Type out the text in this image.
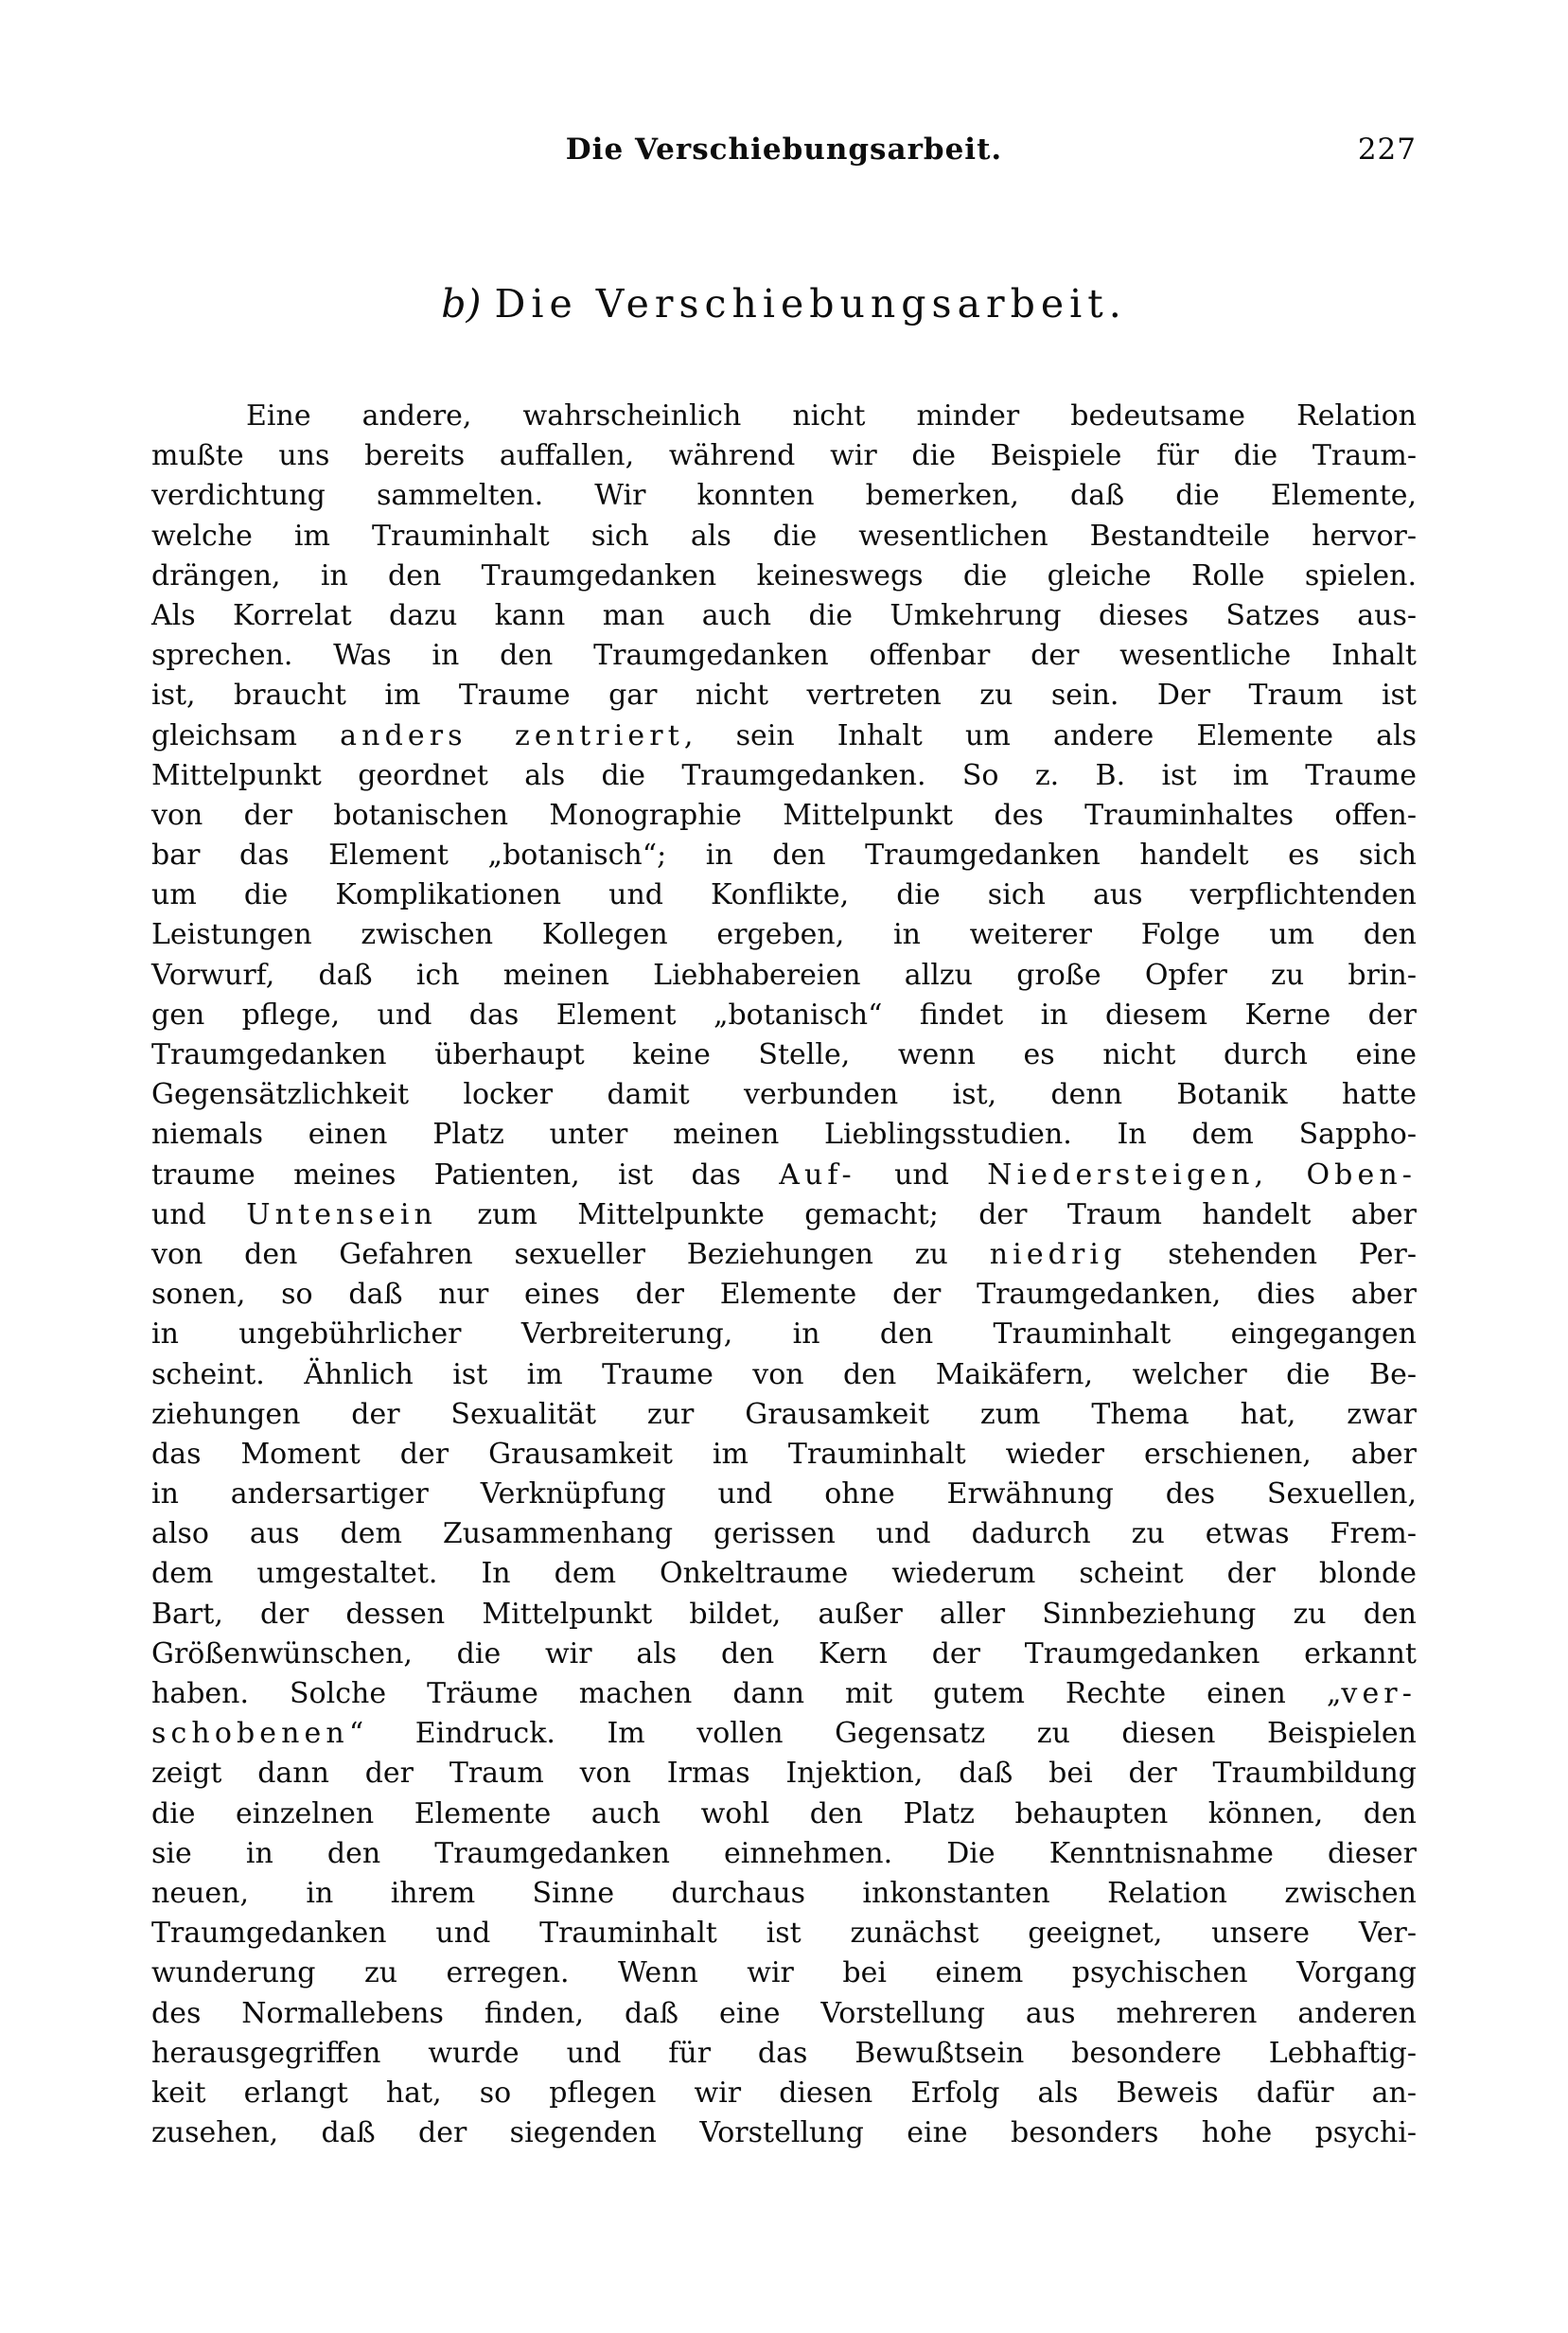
Die Verschiebungsarbeit.	227
b) Die Verschiebungsarbeit.
Eine andere, wahrscheinlich nicht minder bedeutsame Relation
mußte uns bereits auffallen, während wir die Beispiele für die Traum-
verdichtung sammelten. Wir konnten bemerken, daß die Elemente,
welche im Trauminhalt sich als die wesentlichen Bestandteile hervor-
drängen, in den Traumgedanken keineswegs die gleiche Rolle spielen.
Als Korrelat dazu kann man auch die Umkehrung dieses Satzes aus-
sprechen. Was in den Traumgedanken offenbar der wesentliche Inhalt
ist, braucht im Traume gar nicht vertreten zu sein. Der Traum ist
gleichsam anders zentriert, sein Inhalt um andere Elemente als
Mittelpunkt geordnet als die Traumgedanken. So z. B. ist im Traume
von der botanischen Monographie Mittelpunkt des Trauminhaltes offen-
bar das Element „botanisch“; in den Traumgedanken handelt es sich
um die Komplikationen und Konflikte, die sich aus verpflichtenden
Leistungen zwischen Kollegen ergeben, in weiterer Folge um den
Vorwurf, daß ich meinen Liebhabereien allzu große Opfer zu brin-
gen pflege, und das Element „botanisch“ findet in diesem Kerne der
Traumgedanken überhaupt keine Stelle, wenn es nicht durch eine
Gegensätzlichkeit locker damit verbunden ist, denn Botanik hatte
niemals einen Platz unter meinen Lieblingsstudien. In dem Sappho-
traume meines Patienten, ist das Auf- und Niedersteigen, Oben-
und Untensein zum Mittelpunkte gemacht; der Traum handelt aber
von den Gefahren sexueller Beziehungen zu niedrig stehenden Per-
sonen, so daß nur eines der Elemente der Traumgedanken, dies aber
in ungebührlicher Verbreiterung, in den Trauminhalt eingegangen
scheint. Ähnlich ist im Traume von den Maikäfern, welcher die Be-
ziehungen der Sexualität zur Grausamkeit zum Thema hat, zwar
das Moment der Grausamkeit im Trauminhalt wieder erschienen, aber
in andersartiger Verknüpfung und ohne Erwähnung des Sexuellen,
also aus dem Zusammenhang gerissen und dadurch zu etwas Frem-
dem umgestaltet. In dem Onkeltraume wiederum scheint der blonde
Bart, der dessen Mittelpunkt bildet, außer aller Sinnbeziehung zu den
Größenwünschen, die wir als den Kern der Traumgedanken erkannt
haben. Solche Träume machen dann mit gutem Rechte einen „ver-
schobenen“ Eindruck. Im vollen Gegensatz zu diesen Beispielen
zeigt dann der Traum von Irmas Injektion, daß bei der Traumbildung
die einzelnen Elemente auch wohl den Platz behaupten können, den
sie in den Traumgedanken einnehmen. Die Kenntnisnahme dieser
neuen, in ihrem Sinne durchaus inkonstanten Relation zwischen
Traumgedanken und Trauminhalt ist zunächst geeignet, unsere Ver-
wunderung zu erregen. Wenn wir bei einem psychischen Vorgang
des Normallebens finden, daß eine Vorstellung aus mehreren anderen
herausgegriffen wurde und für das Bewußtsein besondere Lebhaftig-
keit erlangt hat, so pflegen wir diesen Erfolg als Beweis dafür an-
zusehen, daß der siegenden Vorstellung eine besonders hohe psychi-
